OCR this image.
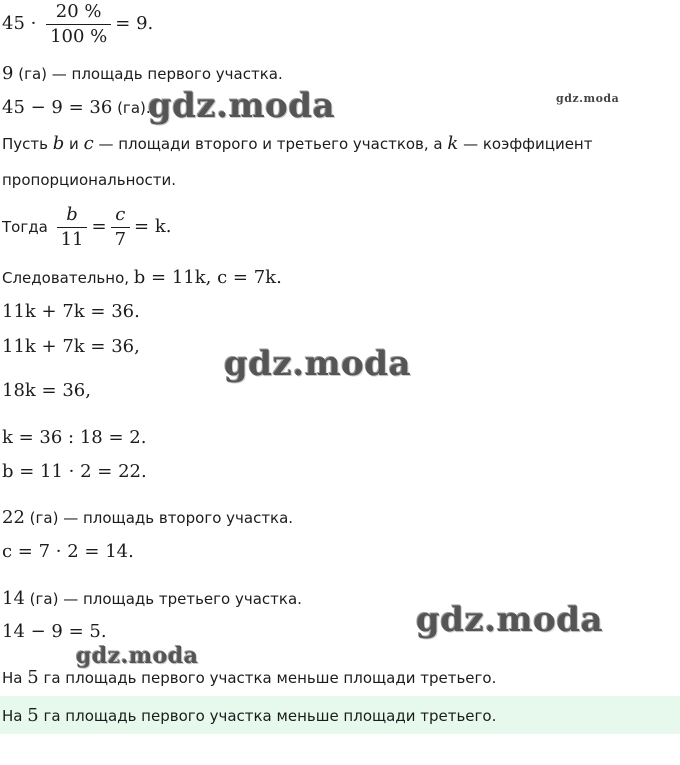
$45 \cdot \frac{20 \%}{100 \%} = 9$.
9 (га) — площадь первого участка.
45 − 9 = 36 (га).
Пусть b и c — площади второго и третьего участков, а k — коэффициент
пропорциональности.
Тогда $\frac{b}{11} = \frac{c}{7} = k$.
Следовательно, b = 11k, c = 7k.
11k + 7k = 36.
11k + 7k = 36,
18k = 36,
k = 36 : 18 = 2.
b = 11 · 2 = 22.
22 (га) — площадь второго участка.
c = 7 · 2 = 14.
14 (га) — площадь третьего участка.
14 − 9 = 5.
На 5 га площадь первого участка меньше площади третьего.
На 5 га площадь первого участка меньше площади третьего.
gdz.moda	gdz.moda
gdz.moda
gdz.moda
gdz.moda
